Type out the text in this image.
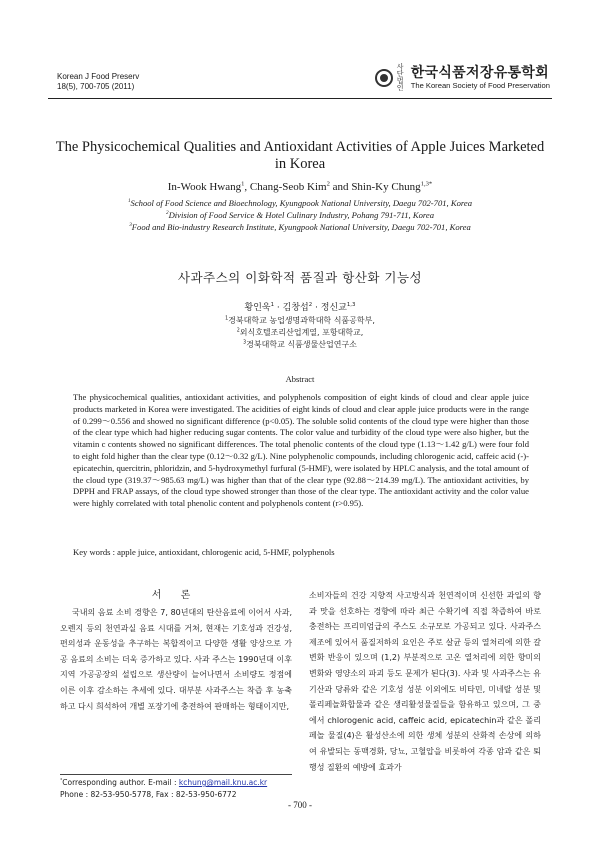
Korean J Food Preserv
18(5), 700-705 (2011)
사단법인
한국식품저장유통학회
The Korean Society of Food Preservation
The Physicochemical Qualities and Antioxidant Activities of Apple Juices Marketed in Korea
In-Wook Hwang$^1$, Chang-Seob Kim$^2$ and Shin-Ky Chung$^{1,3*}$
$^1$School of Food Science and Bioechnology, Kyungpook National University, Daegu 702-701, Korea
$^2$Division of Food Service & Hotel Culinary Industry, Pohang 791-711, Korea
$^3$Food and Bio-industry Research Institute, Kyungpook National University, Daegu 702-701, Korea
사과주스의 이화학적 품질과 항산화 기능성
황인욱$^1$ · 김창섭$^2$ · 정신교$^{1,3}$
$^1$경북대학교 농업생명과학대학 식품공학부,
$^2$외식호텔조리산업계열, 포항대학교,
$^3$경북대학교 식품생물산업연구소
Abstract
The physicochemical qualities, antioxidant activities, and polyphenols composition of eight kinds of cloud and clear apple juice products marketed in Korea were investigated. The acidities of eight kinds of cloud and clear apple juice products were in the range of 0.299～0.556 and showed no significant difference (p<0.05). The soluble solid contents of the cloud type were higher than those of the clear type which had higher reducing sugar contents. The color value and turbidity of the cloud type were also higher, but the vitamin c contents showed no significant differences. The total phenolic contents of the cloud type (1.13～1.42 g/L) were four fold to eight fold higher than the clear type (0.12～0.32 g/L). Nine polyphenolic compounds, including chlorogenic acid, caffeic acid (-)-epicatechin, quercitrin, phloridzin, and 5-hydroxymethyl furfural (5-HMF), were isolated by HPLC analysis, and the total amount of the cloud type (319.37～985.63 mg/L) was higher than that of the clear type (92.88～214.39 mg/L). The antioxidant activities, by DPPH and FRAP assays, of the cloud type showed stronger than those of the clear type. The antioxidant activity and the color value were highly correlated with total phenolic content and polyphenols content (r>0.95).
Key words : apple juice, antioxidant, chlorogenic acid, 5-HMF, polyphenols
서 론

국내의 음료 소비 경향은 7, 80년대의 탄산음료에 이어서 사과, 오렌지 등의 천연과실 음료 시대를 거쳐, 현재는 기호성과 건강성, 편의성과 운동성을 추구하는 복합적이고 다양한 생활 양상으로 가공 음료의 소비는 더욱 증가하고 있다. 사과 주스는 1990년대 이후 지역 가공공장의 설립으로 생산량이 늘어나면서 소비량도 정점에 이른 이후 감소하는 추세에 있다. 대부분 사과주스는 착즙 후 농축하고 다시 희석하여 개별 포장기에 충전하여 판매하는 형태이지만,

소비자들의 건강 지향적 사고방식과 천연적이며 신선한 과일의 향과 맛을 선호하는 경향에 따라 최근 수확기에 직접 착즙하여 바로 충전하는 프리미엄급의 주스도 소규모로 가공되고 있다. 사과주스 제조에 있어서 품질저하의 요인은 주로 살균 등의 열처리에 의한 갈변화 반응이 있으며 (1,2) 부분적으로 고온 열처리에 의한 향미의 변화와 영양소의 파괴 등도 문제가 된다(3). 사과 및 사과주스는 유기산과 당류와 같은 기호성 성분 이외에도 비타민, 미네랄 성분 및 폴리페놀화합물과 같은 생리활성물질들을 함유하고 있으며, 그 중에서 chlorogenic acid, caffeic acid, epicatechin과 같은 폴리페놀 물질(4)은 활성산소에 의한 생체 성분의 산화적 손상에 의하여 유발되는 동맥경화, 당뇨, 고혈압을 비롯하여 각종 암과 같은 퇴행성 질환의 예방에 효과가

*Corresponding author. E-mail : kchung@mail.knu.ac.kr
Phone : 82-53-950-5778, Fax : 82-53-950-6772
- 700 -
